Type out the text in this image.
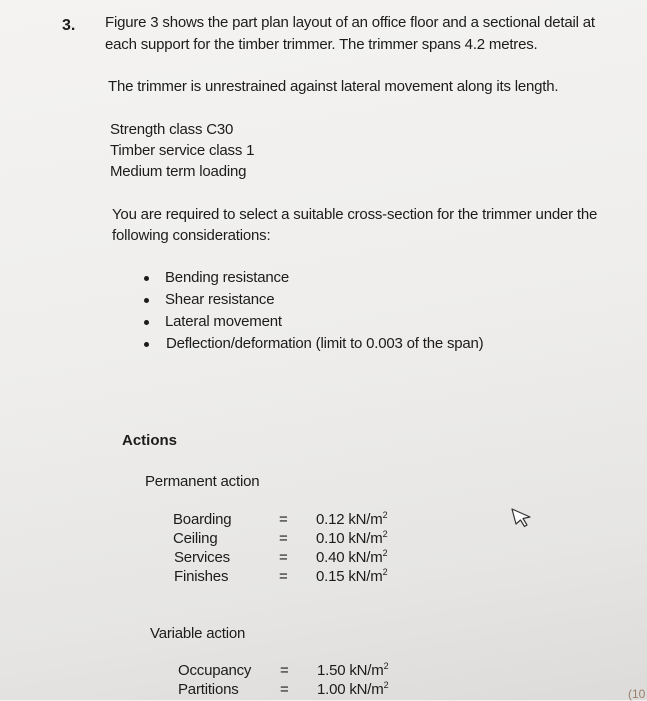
3. Figure 3 shows the part plan layout of an office floor and a sectional detail at
each support for the timber trimmer. The trimmer spans 4.2 metres.
The trimmer is unrestrained against lateral movement along its length.
Strength class C30
Timber service class 1
Medium term loading
You are required to select a suitable cross-section for the trimmer under the
following considerations:
Bending resistance
Shear resistance
Lateral movement
Deflection/deformation (limit to 0.003 of the span)
Actions
Permanent action
Boarding	= 0.12 $kN/m^2$
Ceiling	= 0.10 $kN/m^2$
Services	= 0.40 $kN/m^2$
Finishes	= 0.15 $kN/m^2$
Variable action
Occupancy = 1.50 $kN/m^2$
Partitions	= 1.00 $kN/m^2$
(10
